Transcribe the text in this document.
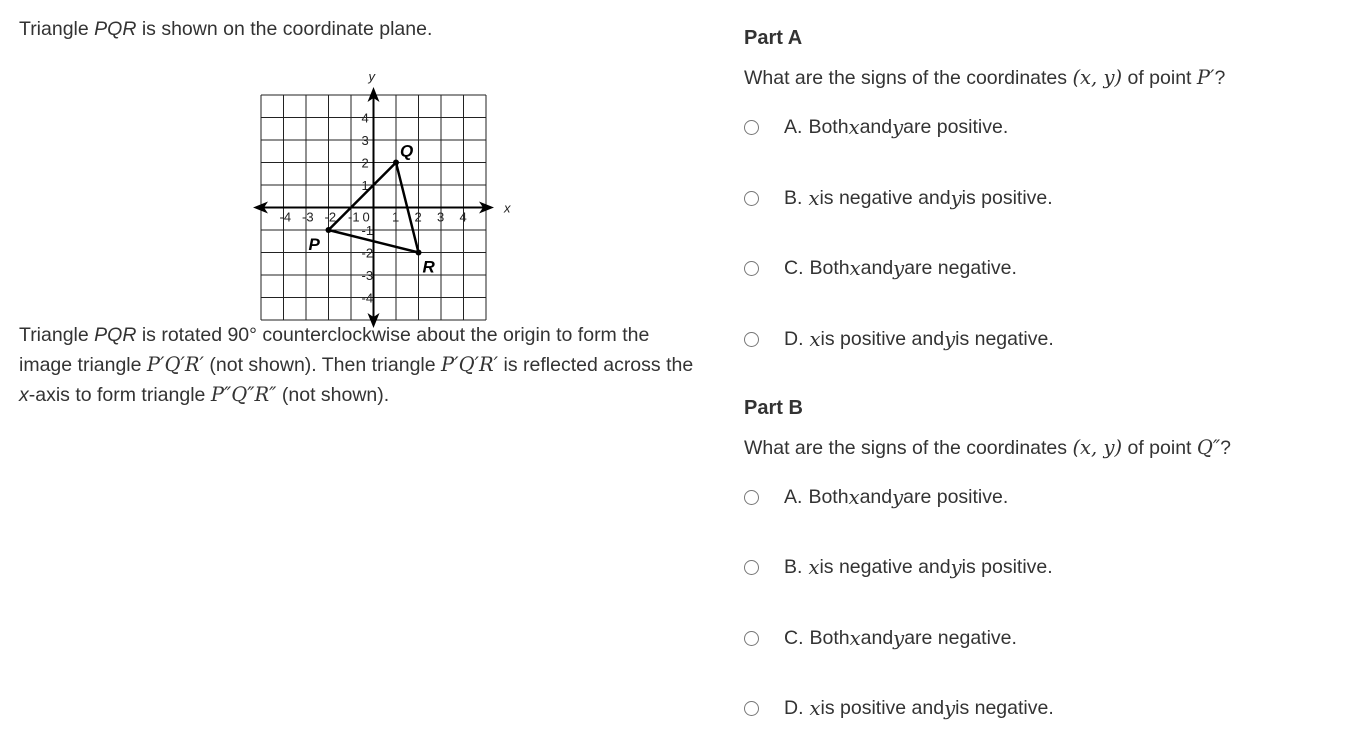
Triangle PQR is shown on the coordinate plane.

x
y
-4 -3 -2 -1 0 1 2 3 4
4
3
2
1
-1
-2
-3
-4
P
Q
R

Triangle PQR is rotated 90° counterclockwise about the origin to form the image triangle P′Q′R′ (not shown). Then triangle P′Q′R′ is reflected across the x-axis to form triangle P″Q″R″ (not shown).

Part A

What are the signs of the coordinates (x, y) of point P′?

A. Both x and y are positive.
B. x is negative and y is positive.
C. Both x and y are negative.
D. x is positive and y is negative.

Part B

What are the signs of the coordinates (x, y) of point Q″?

A. Both x and y are positive.
B. x is negative and y is positive.
C. Both x and y are negative.
D. x is positive and y is negative.
